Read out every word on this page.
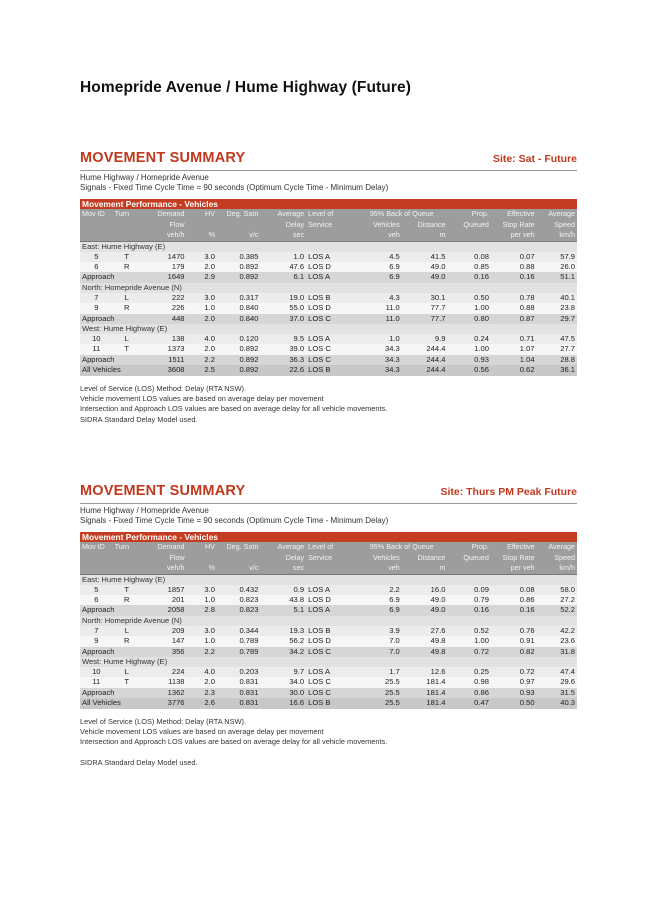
Homepride Avenue / Hume Highway (Future)
MOVEMENT SUMMARY	Site: Sat - Future
Hume Highway / Homepride Avenue
Signals - Fixed Time Cycle Time = 90 seconds (Optimum Cycle Time - Minimum Delay)
Movement Performance - Vehicles											
Mov ID	Turn	Demand	HV	Deg. Satn	Average	Level of	95% Back of Queue		Prop.	Effective	Average
		Flow			Delay	Service	Vehicles	Distance	Queued	Stop Rate	Speed
		veh/h	%	v/c	sec		veh	m		per veh	km/h
East: Hume Highway (E)											
5	T	1470	3.0	0.385	1.0	LOS A	4.5	41.5	0.08	0.07	57.9
6	R	179	2.0	0.892	47.6	LOS D	6.9	49.0	0.85	0.88	26.0
Approach		1649	2.9	0.892	6.1	LOS A	6.9	49.0	0.16	0.16	51.1
North: Homepride Avenue (N)											
7	L	222	3.0	0.317	19.0	LOS B	4.3	30.1	0.50	0.78	40.1
9	R	226	1.0	0.840	55.0	LOS D	11.0	77.7	1.00	0.88	23.8
Approach		448	2.0	0.840	37.0	LOS C	11.0	77.7	0.80	0.87	29.7
West: Hume Highway (E)											
10	L	138	4.0	0.120	9.5	LOS A	1.0	9.9	0.24	0.71	47.5
11	T	1373	2.0	0.892	39.0	LOS C	34.3	244.4	1.00	1.07	27.7
Approach		1511	2.2	0.892	36.3	LOS C	34.3	244.4	0.93	1.04	28.8
All Vehicles		3608	2.5	0.892	22.6	LOS B	34.3	244.4	0.56	0.62	36.1
Level of Service (LOS) Method: Delay (RTA NSW).
Vehicle movement LOS values are based on average delay per movement
Intersection and Approach LOS values are based on average delay for all vehicle movements.
SIDRA Standard Delay Model used.
MOVEMENT SUMMARY	Site: Thurs PM Peak Future
Hume Highway / Homepride Avenue
Signals - Fixed Time Cycle Time = 90 seconds (Optimum Cycle Time - Minimum Delay)
Movement Performance - Vehicles											
Mov ID	Turn	Demand	HV	Deg. Satn	Average	Level of	95% Back of Queue		Prop.	Effective	Average
		Flow			Delay	Service	Vehicles	Distance	Queued	Stop Rate	Speed
		veh/h	%	v/c	sec		veh	m		per veh	km/h
East: Hume Highway (E)											
5	T	1857	3.0	0.432	0.9	LOS A	2.2	16.0	0.09	0.08	58.0
6	R	201	1.0	0.823	43.8	LOS D	6.9	49.0	0.79	0.86	27.2
Approach		2058	2.8	0.823	5.1	LOS A	6.9	49.0	0.16	0.16	52.2
North: Homepride Avenue (N)											
7	L	209	3.0	0.344	19.3	LOS B	3.9	27.6	0.52	0.76	42.2
9	R	147	1.0	0.789	56.2	LOS D	7.0	49.8	1.00	0.91	23.6
Approach		356	2.2	0.789	34.2	LOS C	7.0	49.8	0.72	0.82	31.8
West: Hume Highway (E)											
10	L	224	4.0	0.203	9.7	LOS A	1.7	12.6	0.25	0.72	47.4
11	T	1138	2.0	0.831	34.0	LOS C	25.5	181.4	0.98	0.97	29.6
Approach		1362	2.3	0.831	30.0	LOS C	25.5	181.4	0.86	0.93	31.5
All Vehicles		3776	2.6	0.831	16.6	LOS B	25.5	181.4	0.47	0.50	40.3
Level of Service (LOS) Method: Delay (RTA NSW).
Vehicle movement LOS values are based on average delay per movement
Intersection and Approach LOS values are based on average delay for all vehicle movements.

SIDRA Standard Delay Model used.
